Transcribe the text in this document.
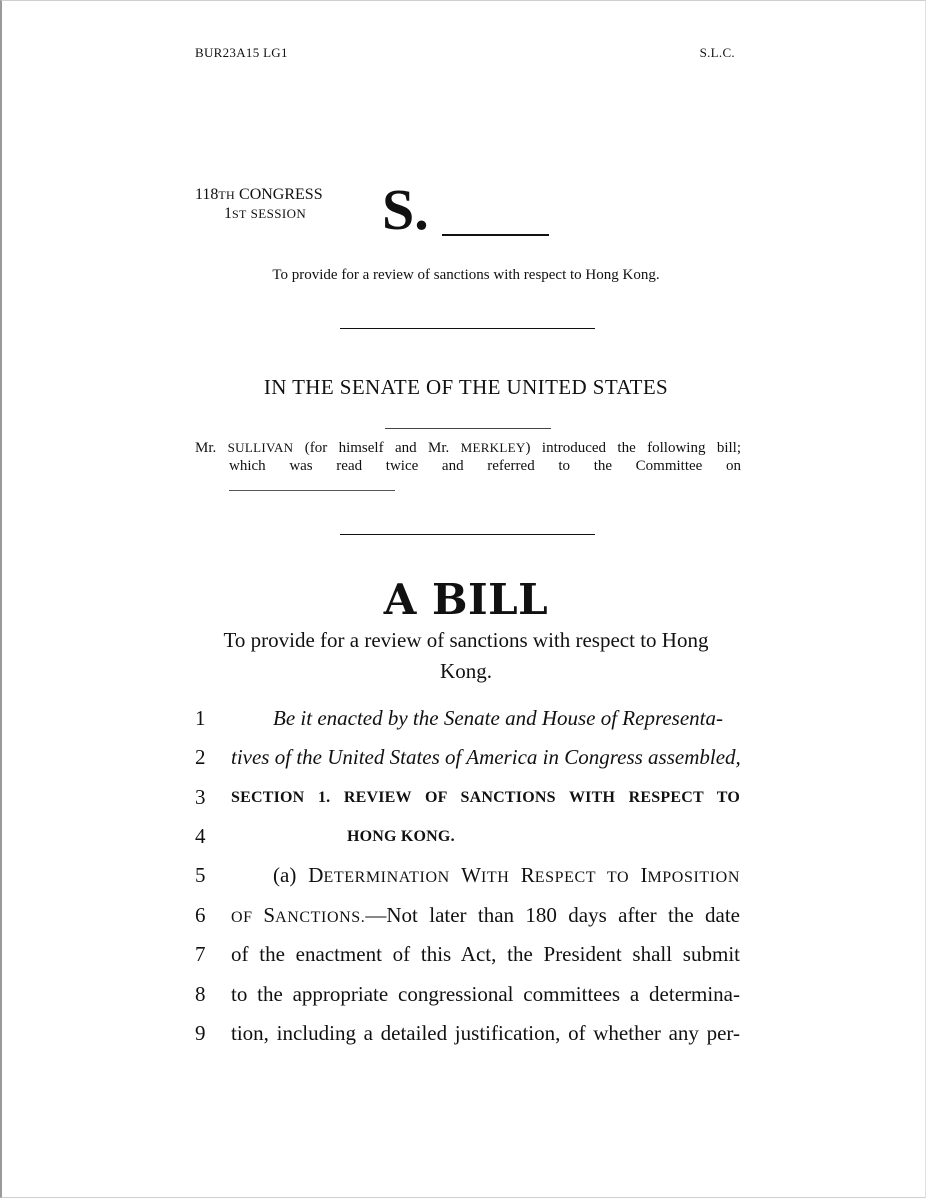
BUR23A15 LG1	S.L.C.
118TH CONGRESS
1ST SESSION S.
To provide for a review of sanctions with respect to Hong Kong.
IN THE SENATE OF THE UNITED STATES
Mr. SULLIVAN (for himself and Mr. MERKLEY) introduced the following bill;
which was read twice and referred to the Committee on
A BILL
To provide for a review of sanctions with respect to Hong
Kong.
1	Be it enacted by the Senate and House of Representa-
2	tives of the United States of America in Congress assembled,
3	SECTION 1. REVIEW OF SANCTIONS WITH RESPECT TO
4	HONG KONG.
5	(a) DETERMINATION WITH RESPECT TO IMPOSITION
6	OF SANCTIONS.—Not later than 180 days after the date
7	of the enactment of this Act, the President shall submit
8	to the appropriate congressional committees a determina-
9	tion, including a detailed justification, of whether any per-
